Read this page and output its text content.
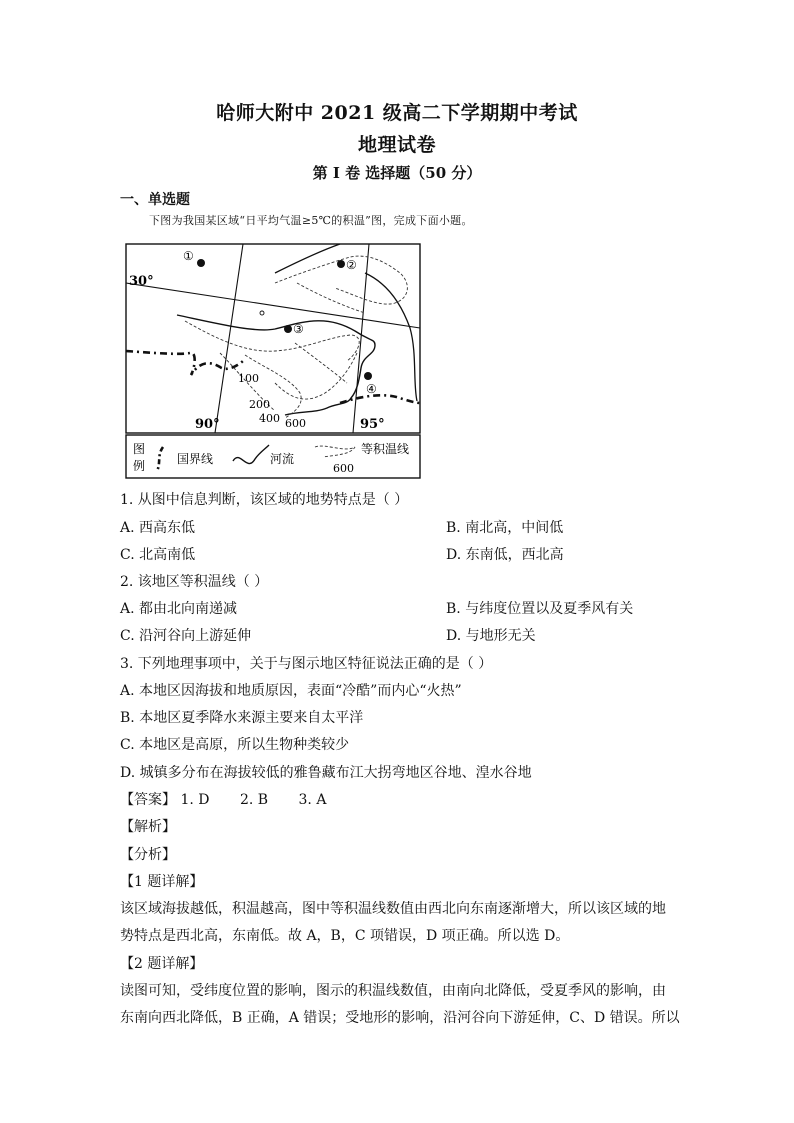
哈师大附中 2021 级高二下学期期中考试
地理试卷
第 I 卷 选择题（50 分）
一、单选题
下图为我国某区域“日平均气温≥5℃的积温”图，完成下面小题。
30°
90°	95°
①
②
③
④
100
200
400 600
图
例	国界线	河流
600
等积温线
1. 从图中信息判断，该区域的地势特点是（ ）
A. 西高东低	B. 南北高，中间低
C. 北高南低	D. 东南低，西北高
2. 该地区等积温线（ ）
A. 都由北向南递减	B. 与纬度位置以及夏季风有关
C. 沿河谷向上游延伸	D. 与地形无关
3. 下列地理事项中，关于与图示地区特征说法正确的是（ ）
A. 本地区因海拔和地质原因，表面“冷酷”而内心“火热”
B. 本地区夏季降水来源主要来自太平洋
C. 本地区是高原，所以生物种类较少
D. 城镇多分布在海拔较低的雅鲁藏布江大拐弯地区谷地、湟水谷地
【答案】 1. D 2. B 3. A
【解析】
【分析】
【1 题详解】
该区域海拔越低，积温越高，图中等积温线数值由西北向东南逐渐增大，所以该区域的地
势特点是西北高，东南低。故 A，B，C 项错误，D 项正确。所以选 D。
【2 题详解】
读图可知，受纬度位置的影响，图示的积温线数值，由南向北降低，受夏季风的影响，由
东南向西北降低，B 正确，A 错误；受地形的影响，沿河谷向下游延伸，C、D 错误。所以
